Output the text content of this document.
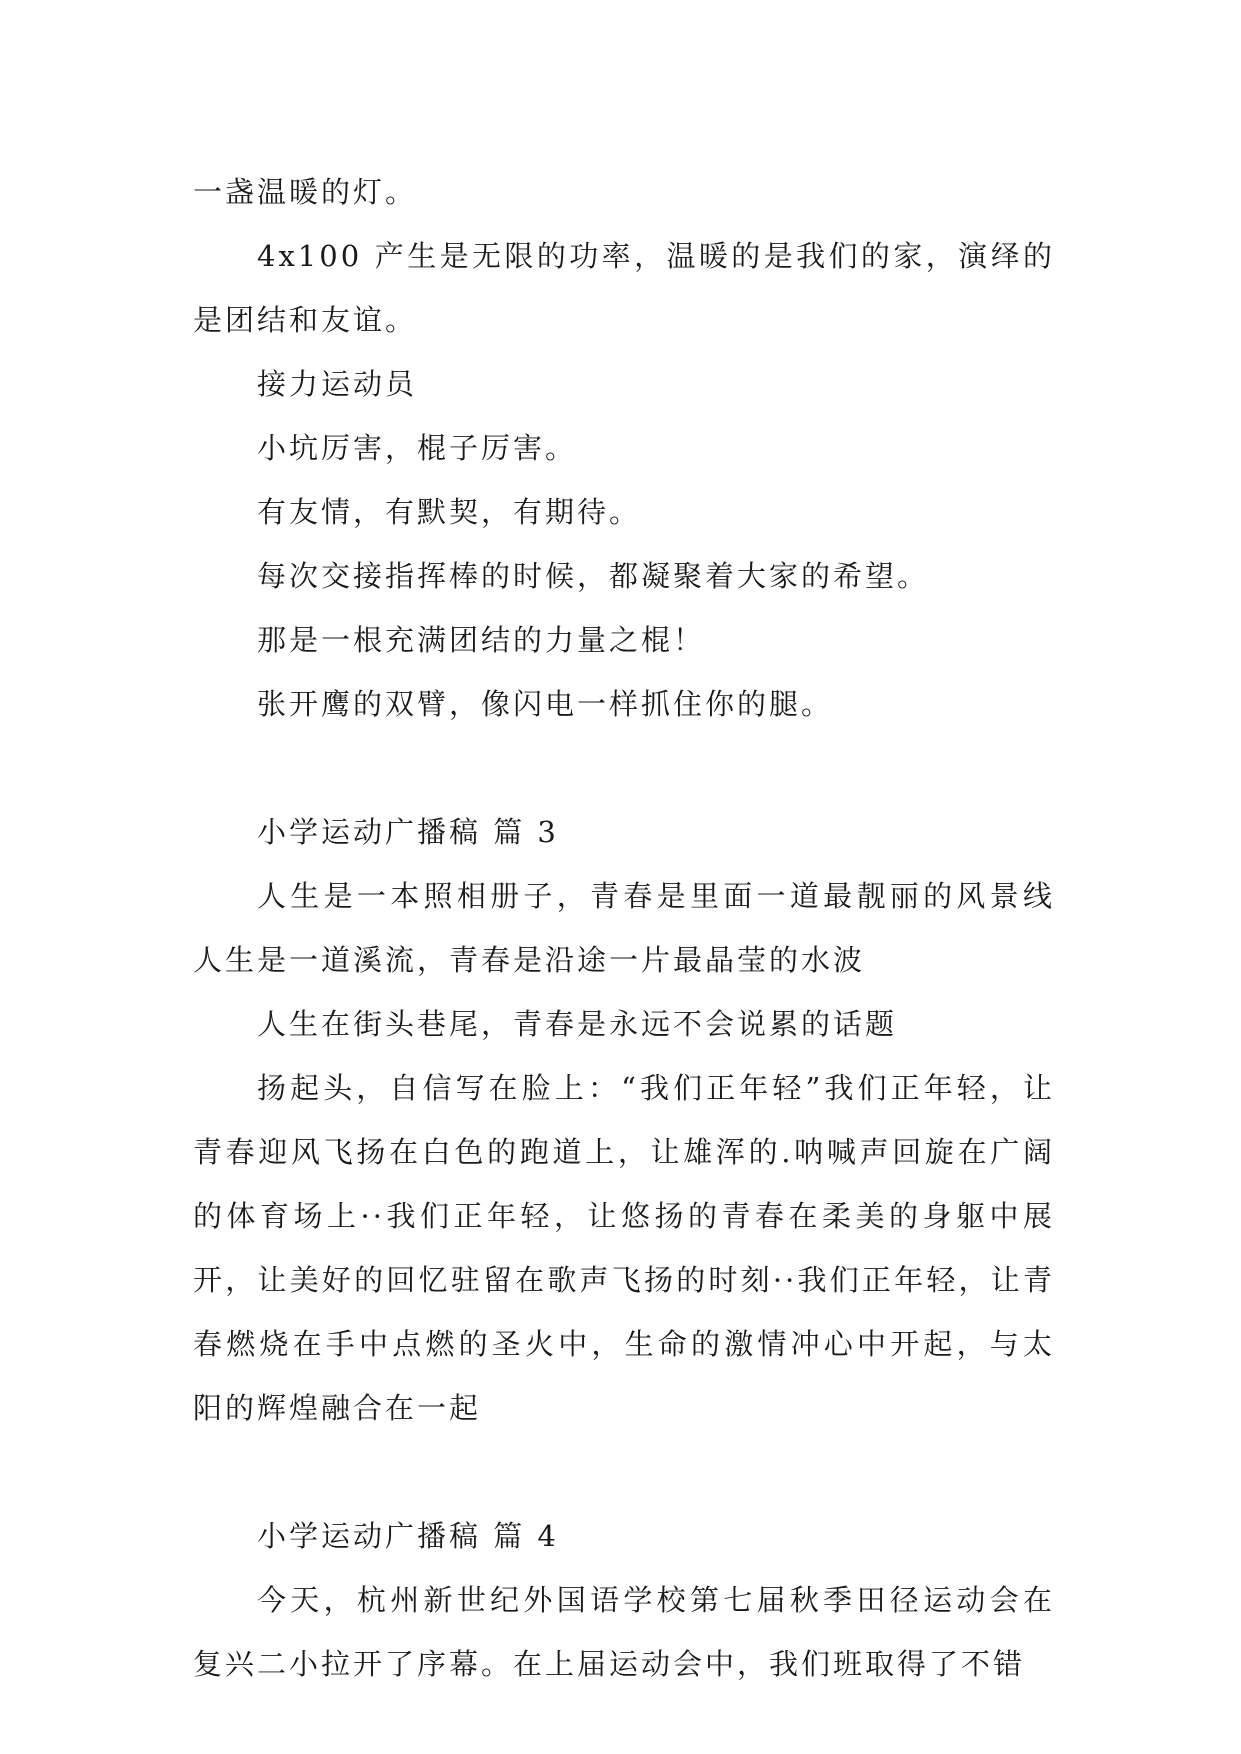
一盏温暖的灯。

4x100 产生是无限的功率，温暖的是我们的家，演绎的是团结和友谊。

接力运动员

小坑厉害，棍子厉害。

有友情，有默契，有期待。

每次交接指挥棒的时候，都凝聚着大家的希望。

那是一根充满团结的力量之棍！

张开鹰的双臂，像闪电一样抓住你的腿。

小学运动广播稿 篇 3

人生是一本照相册子，青春是里面一道最靓丽的风景线人生是一道溪流，青春是沿途一片最晶莹的水波

人生在街头巷尾，青春是永远不会说累的话题

扬起头，自信写在脸上：“我们正年轻”我们正年轻，让青春迎风飞扬在白色的跑道上，让雄浑的.呐喊声回旋在广阔的体育场上··我们正年轻，让悠扬的青春在柔美的身躯中展开，让美好的回忆驻留在歌声飞扬的时刻··我们正年轻，让青春燃烧在手中点燃的圣火中，生命的激情冲心中开起，与太阳的辉煌融合在一起

小学运动广播稿 篇 4

今天，杭州新世纪外国语学校第七届秋季田径运动会在复兴二小拉开了序幕。在上届运动会中，我们班取得了不错
